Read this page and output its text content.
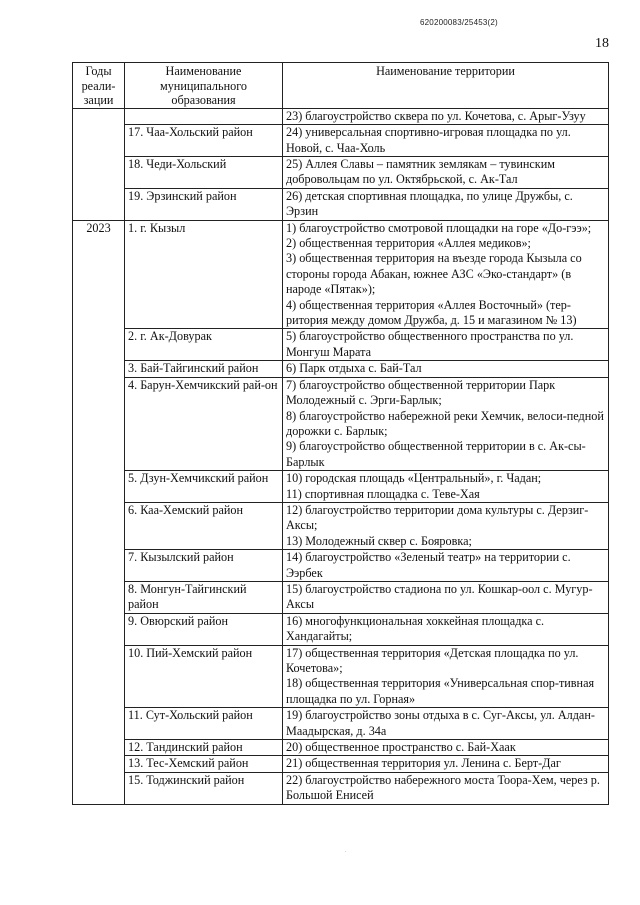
620200083/25453(2)
18
Годы реали-зации	Наименование муниципального образования	Наименование территории

		23) благоустройство сквера по ул. Кочетова, с. Арыг-Узуу

	17. Чаа-Хольский район	24) универсальная спортивно-игровая площадка по ул. Новой, с. Чаа-Холь

	18. Чеди-Хольский	25) Аллея Славы – памятник землякам – тувинским добровольцам по ул. Октябрьской, с. Ак-Тал

	19. Эрзинский район	26) детская спортивная площадка, по улице Дружбы, с. Эрзин

2023	1. г. Кызыл	1) благоустройство смотровой площадки на горе «До-гээ»;
2) общественная территория «Аллея медиков»;
3) общественная территория на въезде города Кызыла со стороны города Абакан, южнее АЗС «Эко-стандарт» (в народе «Пятак»);
4) общественная территория «Аллея Восточный» (тер-ритория между домом Дружба, д. 15 и магазином № 13)

	2. г. Ак-Довурак	5) благоустройство общественного пространства по ул. Монгуш Марата

	3. Бай-Тайгинский район	6) Парк отдыха с. Бай-Тал

	4. Барун-Хемчикский рай-он	7) благоустройство общественной территории Парк Молодежный с. Эрги-Барлык;
8) благоустройство набережной реки Хемчик, велоси-педной дорожки с. Барлык;
9) благоустройство общественной территории в с. Ак-сы-Барлык

	5. Дзун-Хемчикский район	10) городская площадь «Центральный», г. Чадан;
11) спортивная площадка с. Теве-Хая

	6. Каа-Хемский район	12) благоустройство территории дома культуры с. Дерзиг-Аксы;
13) Молодежный сквер с. Бояровка;

	7. Кызылский район	14) благоустройство «Зеленый театр» на территории с. Ээрбек

	8. Монгун-Тайгинский район	15) благоустройство стадиона по ул. Кошкар-оол с. Мугур-Аксы

	9. Овюрский район	16) многофункциональная хоккейная площадка с. Хандагайты;

	10. Пий-Хемский район	17) общественная территория «Детская площадка по ул. Кочетова»;
18) общественная территория «Универсальная спор-тивная площадка по ул. Горная»

	11. Сут-Хольский район	19) благоустройство зоны отдыха в с. Суг-Аксы, ул. Алдан-Маадырская, д. 34а

	12. Тандинский район	20) общественное пространство с. Бай-Хаак

	13. Тес-Хемский район	21) общественная территория ул. Ленина с. Берт-Даг

	15. Тоджинский район	22) благоустройство набережного моста Тоора-Хем, через р. Большой Енисей
.
